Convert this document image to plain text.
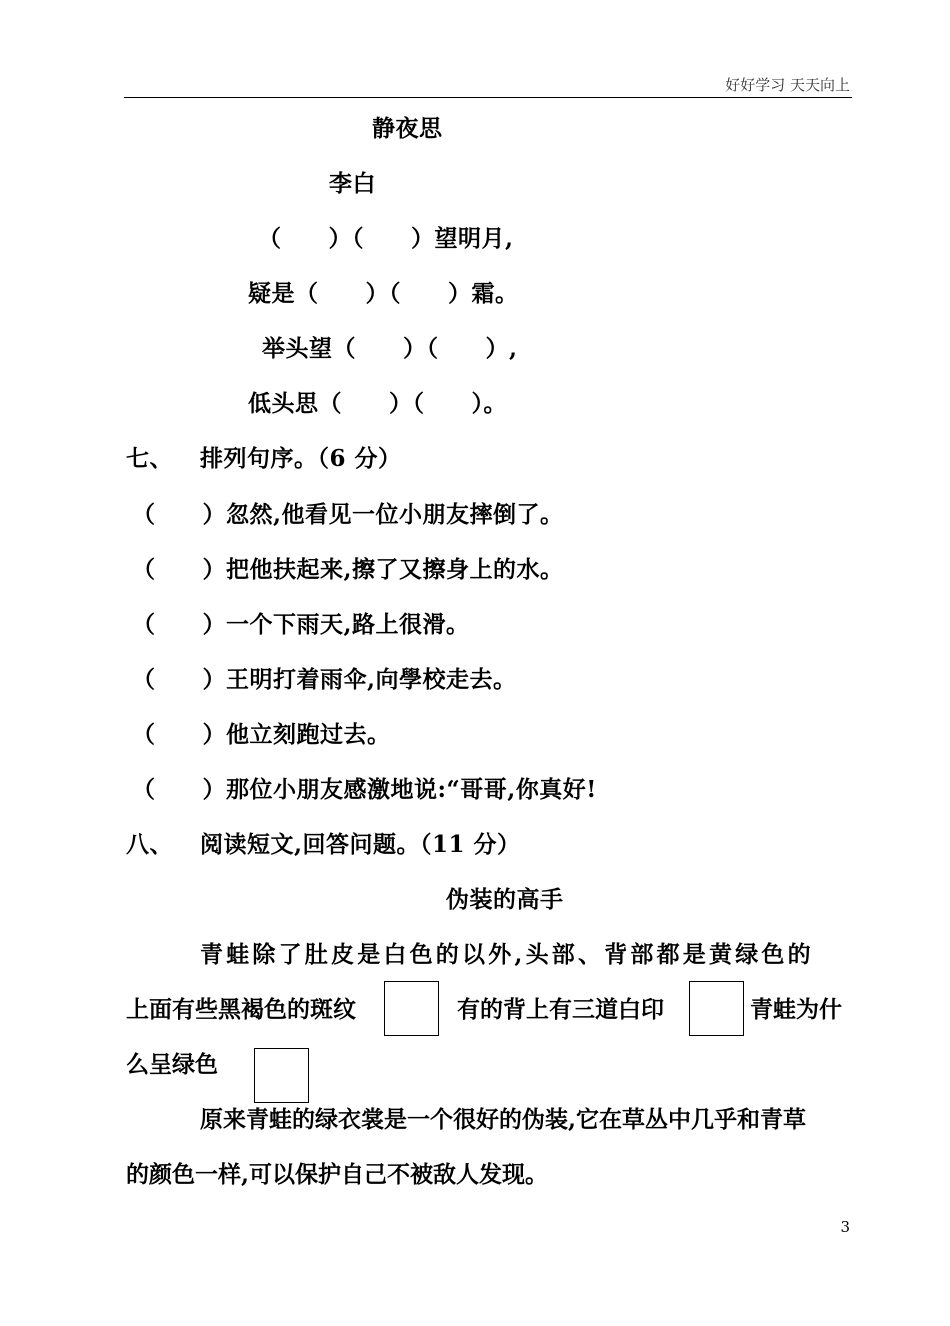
好好学习 天天向上
静夜思
李白
（　　）（　　）望明月,
疑是（　　）（　　）霜。
举头望（　　）（　　）,
低头思（　　）（　　）。
七、 排列句序。（6 分）
（　　）忽然,他看见一位小朋友摔倒了。
（　　）把他扶起来,擦了又擦身上的水。
（　　）一个下雨天,路上很滑。
（　　）王明打着雨伞,向學校走去。
（　　）他立刻跑过去。
（　　）那位小朋友感激地说:“哥哥,你真好!
八、 阅读短文,回答问题。（11 分）
伪装的高手
青蛙除了肚皮是白色的以外,头部、背部都是黄绿色的
上面有些黑褐色的斑纹	有的背上有三道白印	青蛙为什
么呈绿色
原来青蛙的绿衣裳是一个很好的伪装,它在草丛中几乎和青草
的颜色一样,可以保护自己不被敌人发现。
3
